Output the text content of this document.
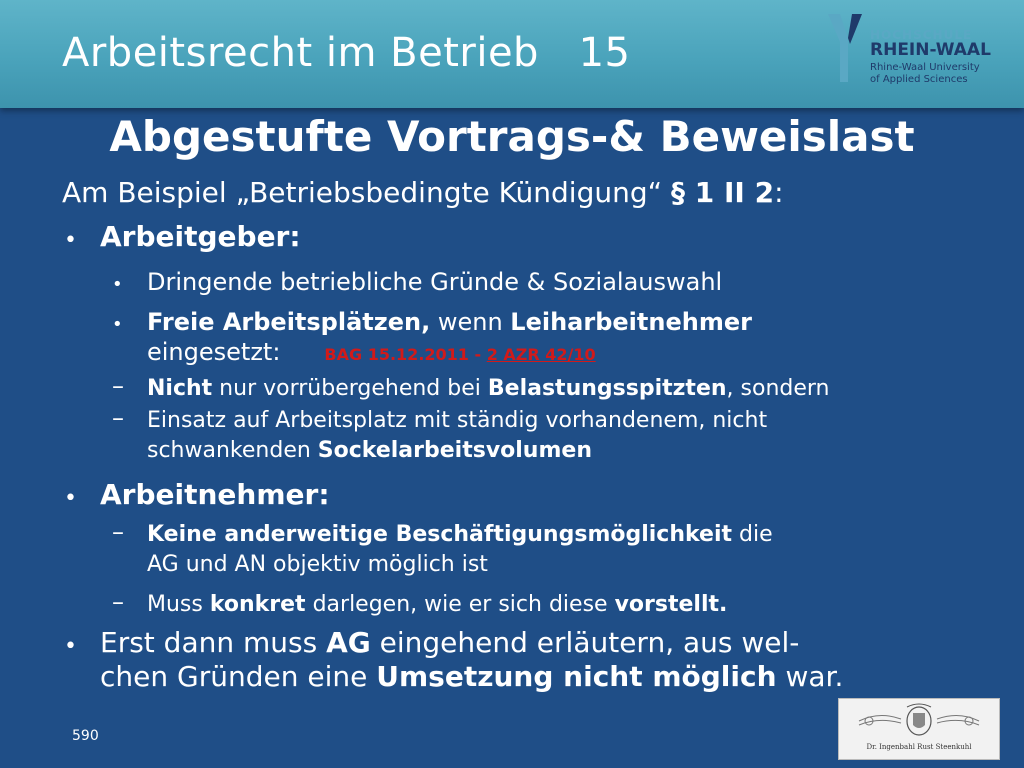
Arbeitsrecht im Betrieb   15	HOCHSCHULE
RHEIN-WAAL
Rhine-Waal University
of Applied Sciences
Abgestufte Vortrags-& Beweislast
Am Beispiel „Betriebsbedingte Kündigung“ § 1 II 2:
• Arbeitgeber:
• Dringende betriebliche Gründe & Sozialauswahl
• Freie Arbeitsplätzen, wenn Leiharbeitnehmer
eingesetzt:	BAG 15.12.2011 - 2 AZR 42/10
– Nicht nur vorrübergehend bei Belastungsspitzten, sondern
– Einsatz auf Arbeitsplatz mit ständig vorhandenem, nicht
schwankenden Sockelarbeitsvolumen
• Arbeitnehmer:
– Keine anderweitige Beschäftigungsmöglichkeit die
AG und AN objektiv möglich ist
– Muss konkret darlegen, wie er sich diese vorstellt.
• Erst dann muss AG eingehend erläutern, aus wel-
chen Gründen eine Umsetzung nicht möglich war.
590
Dr. Ingenbahl Rust Steenkuhl
